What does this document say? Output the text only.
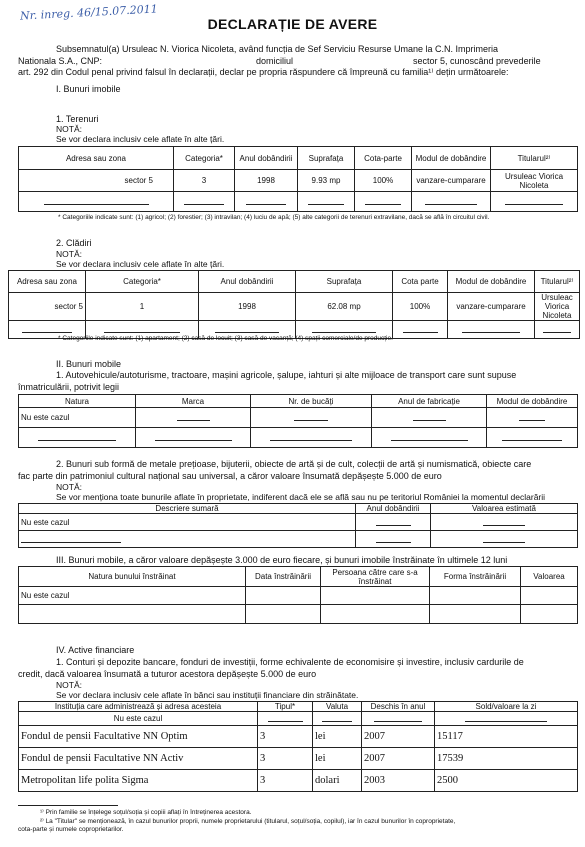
Nr. inreg. 46/15.07.2011
DECLARAȚIE DE AVERE
Subsemnatul(a) Ursuleac N. Viorica Nicoleta, având funcția de Sef Serviciu Resurse Umane la C.N. Imprimeria
Nationala S.A., CNP:	domiciliul	sector 5, cunoscând prevederile
art. 292 din Codul penal privind falsul în declarații, declar pe propria răspundere că împreună cu familia¹⁾ dețin următoarele:
I. Bunuri imobile
1. Terenuri
NOTĂ:
Se vor declara inclusiv cele aflate în alte țări.
Adresa sau zona	Categoria*	Anul dobândirii	Suprafața	Cota-parte	Modul de dobândire	Titularul²⁾
sector 5	3	1998	9.93 mp	100%	vanzare-cumparare	Ursuleac Viorica Nicoleta

* Categoriile indicate sunt: (1) agricol; (2) forestier; (3) intravilan; (4) luciu de apă; (5) alte categorii de terenuri extravilane, dacă se află în circuitul civil.
2. Clădiri
NOTĂ:
Se vor declara inclusiv cele aflate în alte țări.
Adresa sau zona	Categoria*	Anul dobândirii	Suprafața	Cota parte	Modul de dobândire	Titularul²⁾
sector 5	1	1998	62.08 mp	100%	vanzare-cumparare	Ursuleac Viorica Nicoleta

* Categoriile indicate sunt: (1) apartament; (2) casă de locuit; (3) casă de vacanță; (4) spații comerciale/de producție.
II. Bunuri mobile
1. Autovehicule/autoturisme, tractoare, mașini agricole, șalupe, iahturi și alte mijloace de transport care sunt supuse
înmatriculării, potrivit legii
Natura	Marca	Nr. de bucăți	Anul de fabricație	Modul de dobândire
Nu este cazul				

2. Bunuri sub formă de metale prețioase, bijuterii, obiecte de artă și de cult, colecții de artă și numismatică, obiecte care
fac parte din patrimoniul cultural național sau universal, a căror valoare însumată depășește 5.000 de euro
NOTĂ:
Se vor menționa toate bunurile aflate în proprietate, indiferent dacă ele se află sau nu pe teritoriul României la momentul declarării
Descriere sumară	Anul dobândirii	Valoarea estimată
Nu este cazul		

III. Bunuri mobile, a căror valoare depășește 3.000 de euro fiecare, și bunuri imobile înstrăinate în ultimele 12 luni
Natura bunului înstrăinat	Data înstrăinării	Persoana către care s-a înstrăinat	Forma înstrăinării	Valoarea
Nu este cazul				

IV. Active financiare
1. Conturi și depozite bancare, fonduri de investiții, forme echivalente de economisire și investire, inclusiv cardurile de
credit, dacă valoarea însumată a tuturor acestora depășește 5.000 de euro
NOTĂ:
Se vor declara inclusiv cele aflate în bănci sau instituții financiare din străinătate.
Instituția care administrează și adresa acesteia	Tipul*	Valuta	Deschis în anul	Sold/valoare la zi
Nu este cazul				
Fondul de pensii Facultative NN Optim	3	lei	2007	15117
Fondul de pensii Facultative NN Activ	3	lei	2007	17539
Metropolitan life polita Sigma	3	dolari	2003	2500
¹⁾ Prin familie se înțelege soțul/soția și copiii aflați în întreținerea acestora.
²⁾ La "Titular" se menționează, în cazul bunurilor proprii, numele proprietarului (titularul, soțul/soția, copilul), iar în cazul bunurilor în coproprietate,
cota-parte și numele coproprietarilor.
